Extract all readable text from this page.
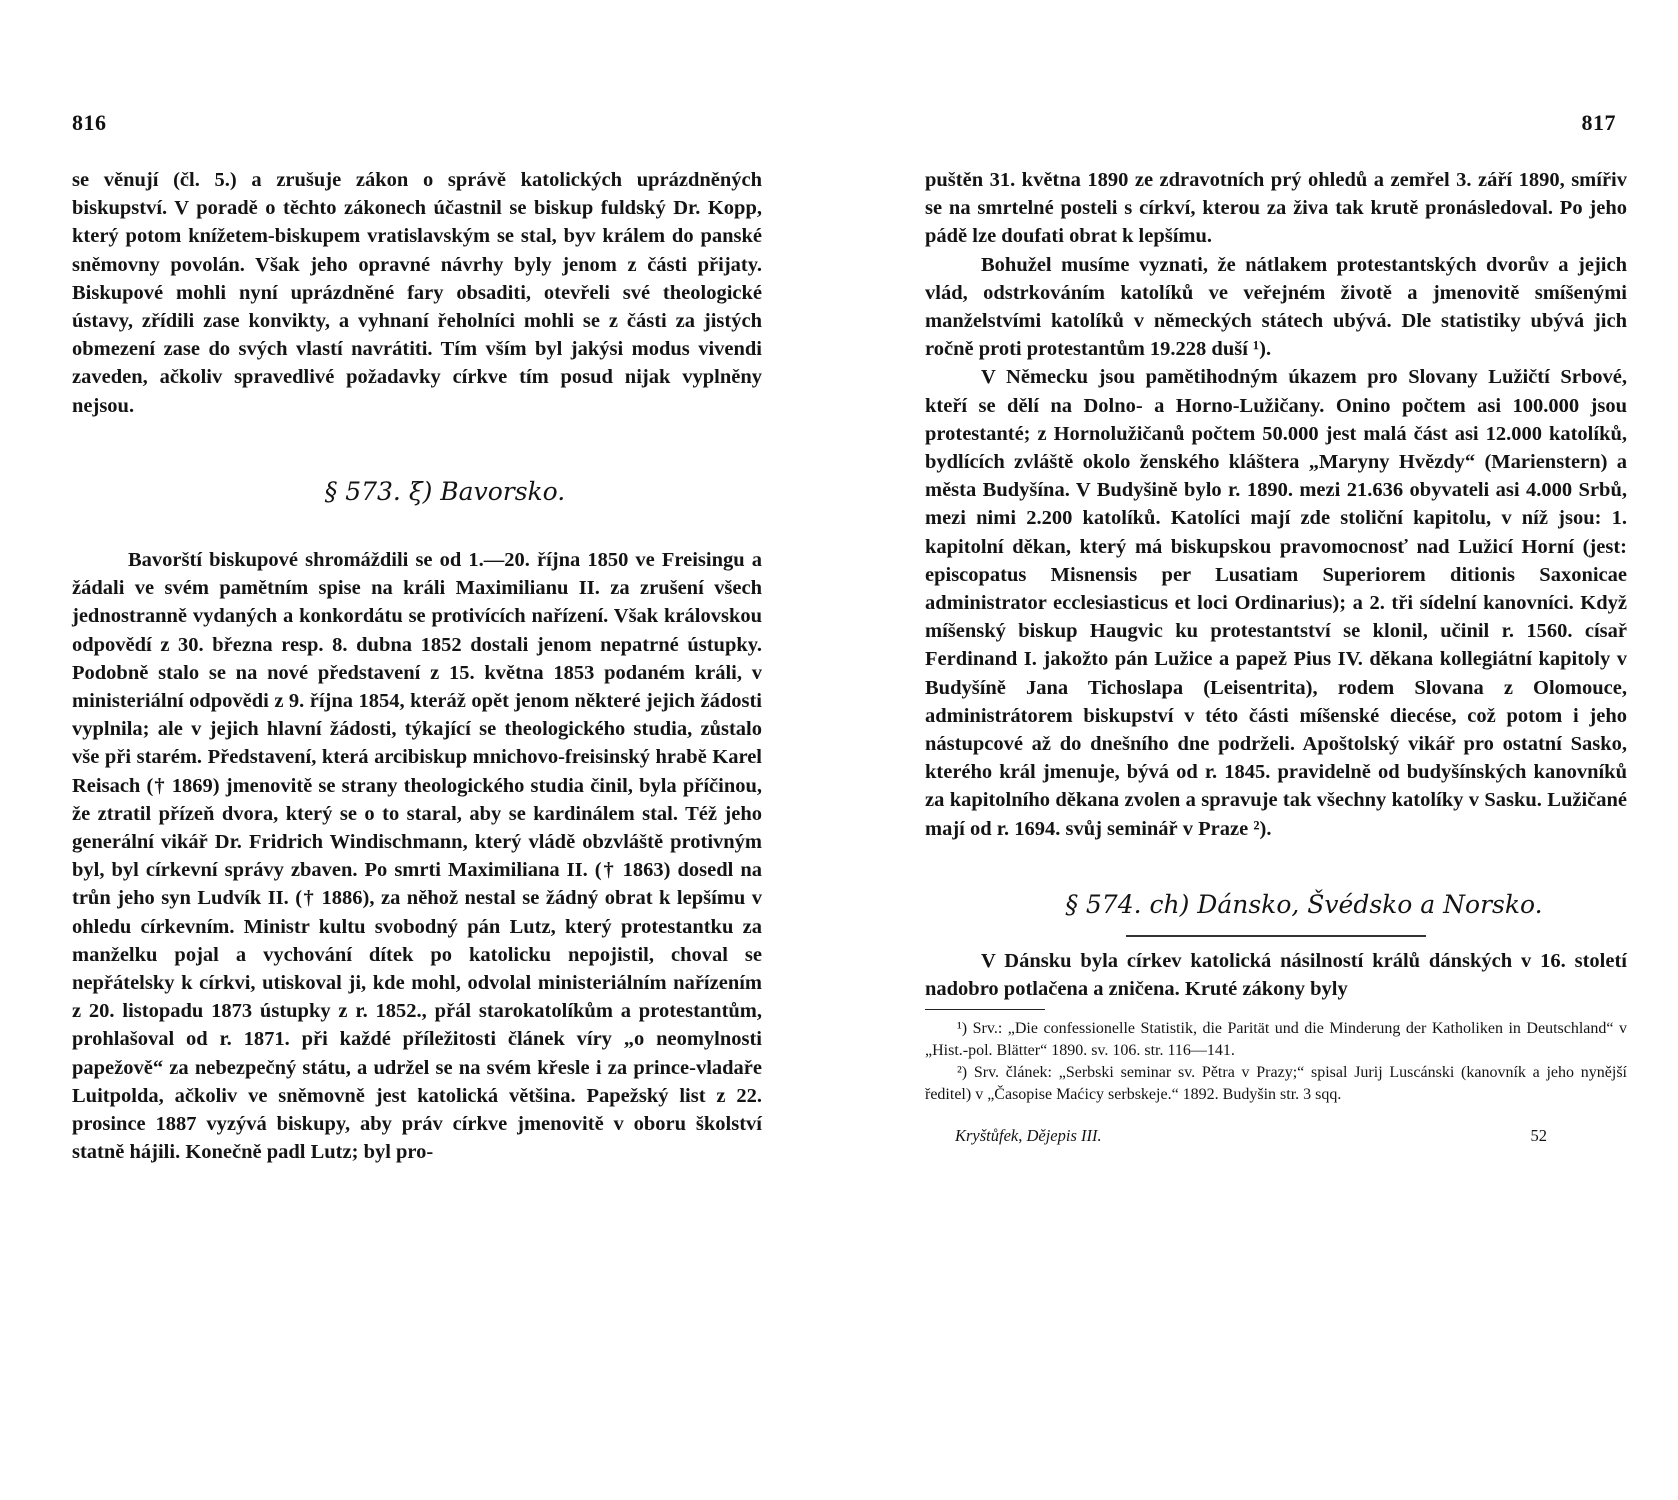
816

se věnují (čl. 5.) a zrušuje zákon o správě katolických uprázdněných biskupství. V poradě o těchto zákonech účastnil se biskup fuldský Dr. Kopp, který potom knížetem-biskupem vratislavským se stal, byv králem do panské sněmovny povolán. Však jeho opravné návrhy byly jenom z části přijaty. Biskupové mohli nyní uprázdněné fary obsaditi, otevřeli své theologické ústavy, zřídili zase konvikty, a vyhnaní řeholníci mohli se z části za jistých obmezení zase do svých vlastí navrátiti. Tím vším byl jakýsi modus vivendi zaveden, ačkoliv spravedlivé požadavky církve tím posud nijak vyplněny nejsou.

§ 573. ξ) Bavorsko.

Bavorští biskupové shromáždili se od 1.—20. října 1850 ve Freisingu a žádali ve svém pamětním spise na králi Maximilianu II. za zrušení všech jednostranně vydaných a konkordátu se protivících nařízení. Však královskou odpovědí z 30. března resp. 8. dubna 1852 dostali jenom nepatrné ústupky. Podobně stalo se na nové představení z 15. května 1853 podaném králi, v ministeriální odpovědi z 9. října 1854, kteráž opět jenom některé jejich žádosti vyplnila; ale v jejich hlavní žádosti, týkající se theologického studia, zůstalo vše při starém. Představení, která arcibiskup mnichovo-freisinský hrabě Karel Reisach († 1869) jmenovitě se strany theologického studia činil, byla příčinou, že ztratil přízeň dvora, který se o to staral, aby se kardinálem stal. Též jeho generální vikář Dr. Fridrich Windischmann, který vládě obzvláště protivným byl, byl církevní správy zbaven. Po smrti Maximiliana II. († 1863) dosedl na trůn jeho syn Ludvík II. († 1886), za něhož nestal se žádný obrat k lepšímu v ohledu církevním. Ministr kultu svobodný pán Lutz, který protestantku za manželku pojal a vychování dítek po katolicku nepojistil, choval se nepřátelsky k církvi, utiskoval ji, kde mohl, odvolal ministeriálním nařízením z 20. listopadu 1873 ústupky z r. 1852., přál starokatolíkům a protestantům, prohlašoval od r. 1871. při každé příležitosti článek víry „o neomylnosti papežově“ za nebezpečný státu, a udržel se na svém křesle i za prince-vladaře Luitpolda, ačkoliv ve sněmovně jest katolická většina. Papežský list z 22. prosince 1887 vyzývá biskupy, aby práv církve jmenovitě v oboru školství statně hájili. Konečně padl Lutz; byl pro-

817

puštěn 31. května 1890 ze zdravotních prý ohledů a zemřel 3. září 1890, smířiv se na smrtelné posteli s církví, kterou za živa tak krutě pronásledoval. Po jeho pádě lze doufati obrat k lepšímu.

Bohužel musíme vyznati, že nátlakem protestantských dvorův a jejich vlád, odstrkováním katolíků ve veřejném životě a jmenovitě smíšenými manželstvími katolíků v německých státech ubývá. Dle statistiky ubývá jich ročně proti protestantům 19.228 duší ¹).

V Německu jsou pamětihodným úkazem pro Slovany Lužičtí Srbové, kteří se dělí na Dolno- a Horno-Lužičany. Onino počtem asi 100.000 jsou protestanté; z Hornolužičanů počtem 50.000 jest malá část asi 12.000 katolíků, bydlících zvláště okolo ženského kláštera „Maryny Hvězdy“ (Marienstern) a města Budyšína. V Budyšině bylo r. 1890. mezi 21.636 obyvateli asi 4.000 Srbů, mezi nimi 2.200 katolíků. Katolíci mají zde stoliční kapitolu, v níž jsou: 1. kapitolní děkan, který má biskupskou pravomocnosť nad Lužicí Horní (jest: episcopatus Misnensis per Lusatiam Superiorem ditionis Saxonicae administrator ecclesiasticus et loci Ordinarius); a 2. tři sídelní kanovníci. Když míšenský biskup Haugvic ku protestantství se klonil, učinil r. 1560. císař Ferdinand I. jakožto pán Lužice a papež Pius IV. děkana kollegiátní kapitoly v Budyšíně Jana Tichoslapa (Leisentrita), rodem Slovana z Olomouce, administrátorem biskupství v této části míšenské diecése, což potom i jeho nástupcové až do dnešního dne podrželi. Apoštolský vikář pro ostatní Sasko, kterého král jmenuje, bývá od r. 1845. pravidelně od budyšínských kanovníků za kapitolního děkana zvolen a spravuje tak všechny katolíky v Sasku. Lužičané mají od r. 1694. svůj seminář v Praze ²).

§ 574. ch) Dánsko, Švédsko a Norsko.

V Dánsku byla církev katolická násilností králů dánských v 16. století nadobro potlačena a zničena. Kruté zákony byly

¹) Srv.: „Die confessionelle Statistik, die Parität und die Minderung der Katholiken in Deutschland“ v „Hist.-pol. Blätter“ 1890. sv. 106. str. 116—141.

²) Srv. článek: „Serbski seminar sv. Pětra v Prazy;“ spisal Jurij Luscánski (kanovník a jeho nynější ředitel) v „Časopise Maćicy serbskeje.“ 1892. Budyšin str. 3 sqq.

Kryštůfek, Dějepis III.	52
